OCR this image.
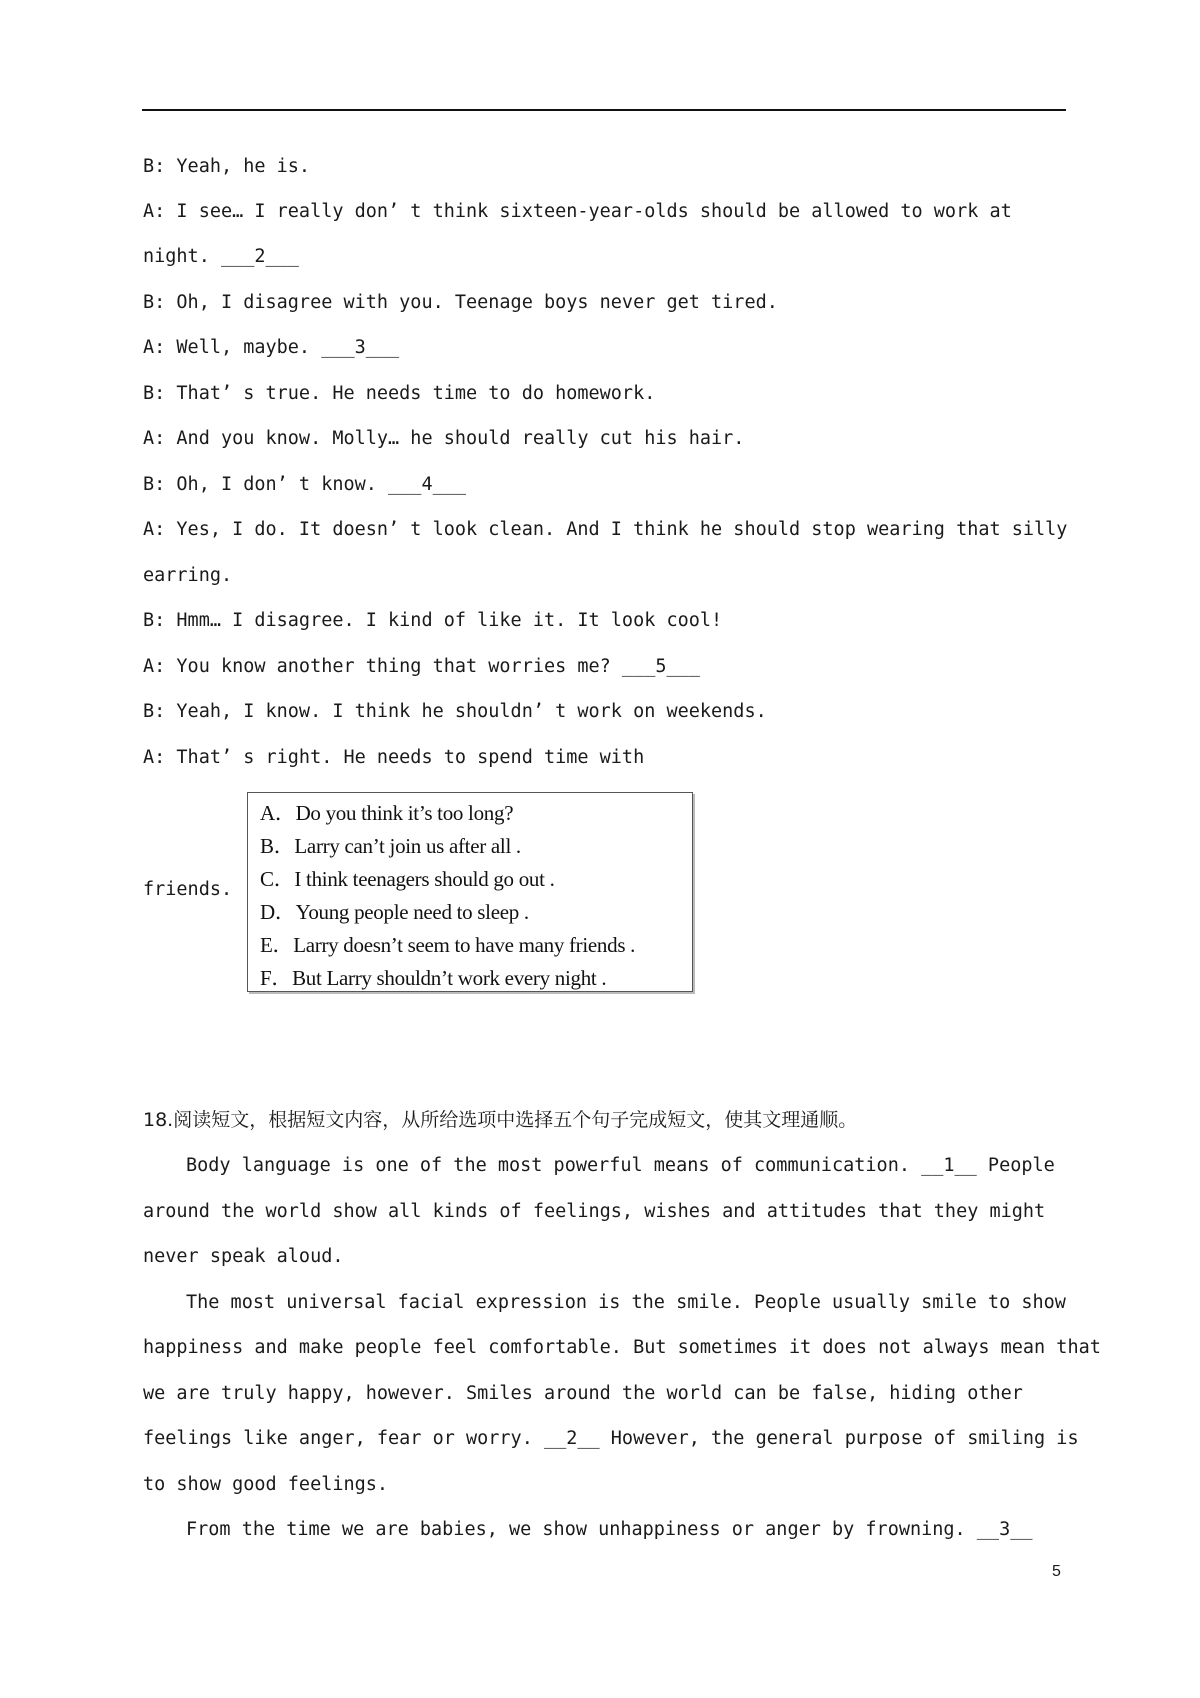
B: Yeah, he is.
A: I see… I really don’ t think sixteen-year-olds should be allowed to work at
night. ___2___
B: Oh, I disagree with you. Teenage boys never get tired.
A: Well, maybe. ___3___
B: That’ s true. He needs time to do homework.
A: And you know. Molly… he should really cut his hair.
B: Oh, I don’ t know. ___4___
A: Yes, I do. It doesn’ t look clean. And I think he should stop wearing that silly
earring.
B: Hmm… I disagree. I kind of like it. It look cool!
A: You know another thing that worries me? ___5___
B: Yeah, I know. I think he shouldn’ t work on weekends.
A: That’ s right. He needs to spend time with
friends.
A．Do you think it’s too long?
B．Larry can’t join us after all .
C．I think teenagers should go out .
D．Young people need to sleep .
E．Larry doesn’t seem to have many friends .
F．But Larry shouldn’t work every night .
18.阅读短文，根据短文内容，从所给选项中选择五个句子完成短文，使其文理通顺。
Body language is one of the most powerful means of communication. __1__ People
around the world show all kinds of feelings, wishes and attitudes that they might
never speak aloud.
The most universal facial expression is the smile. People usually smile to show
happiness and make people feel comfortable. But sometimes it does not always mean that
we are truly happy, however. Smiles around the world can be false, hiding other
feelings like anger, fear or worry. __2__ However, the general purpose of smiling is
to show good feelings.
From the time we are babies, we show unhappiness or anger by frowning. __3__
5
